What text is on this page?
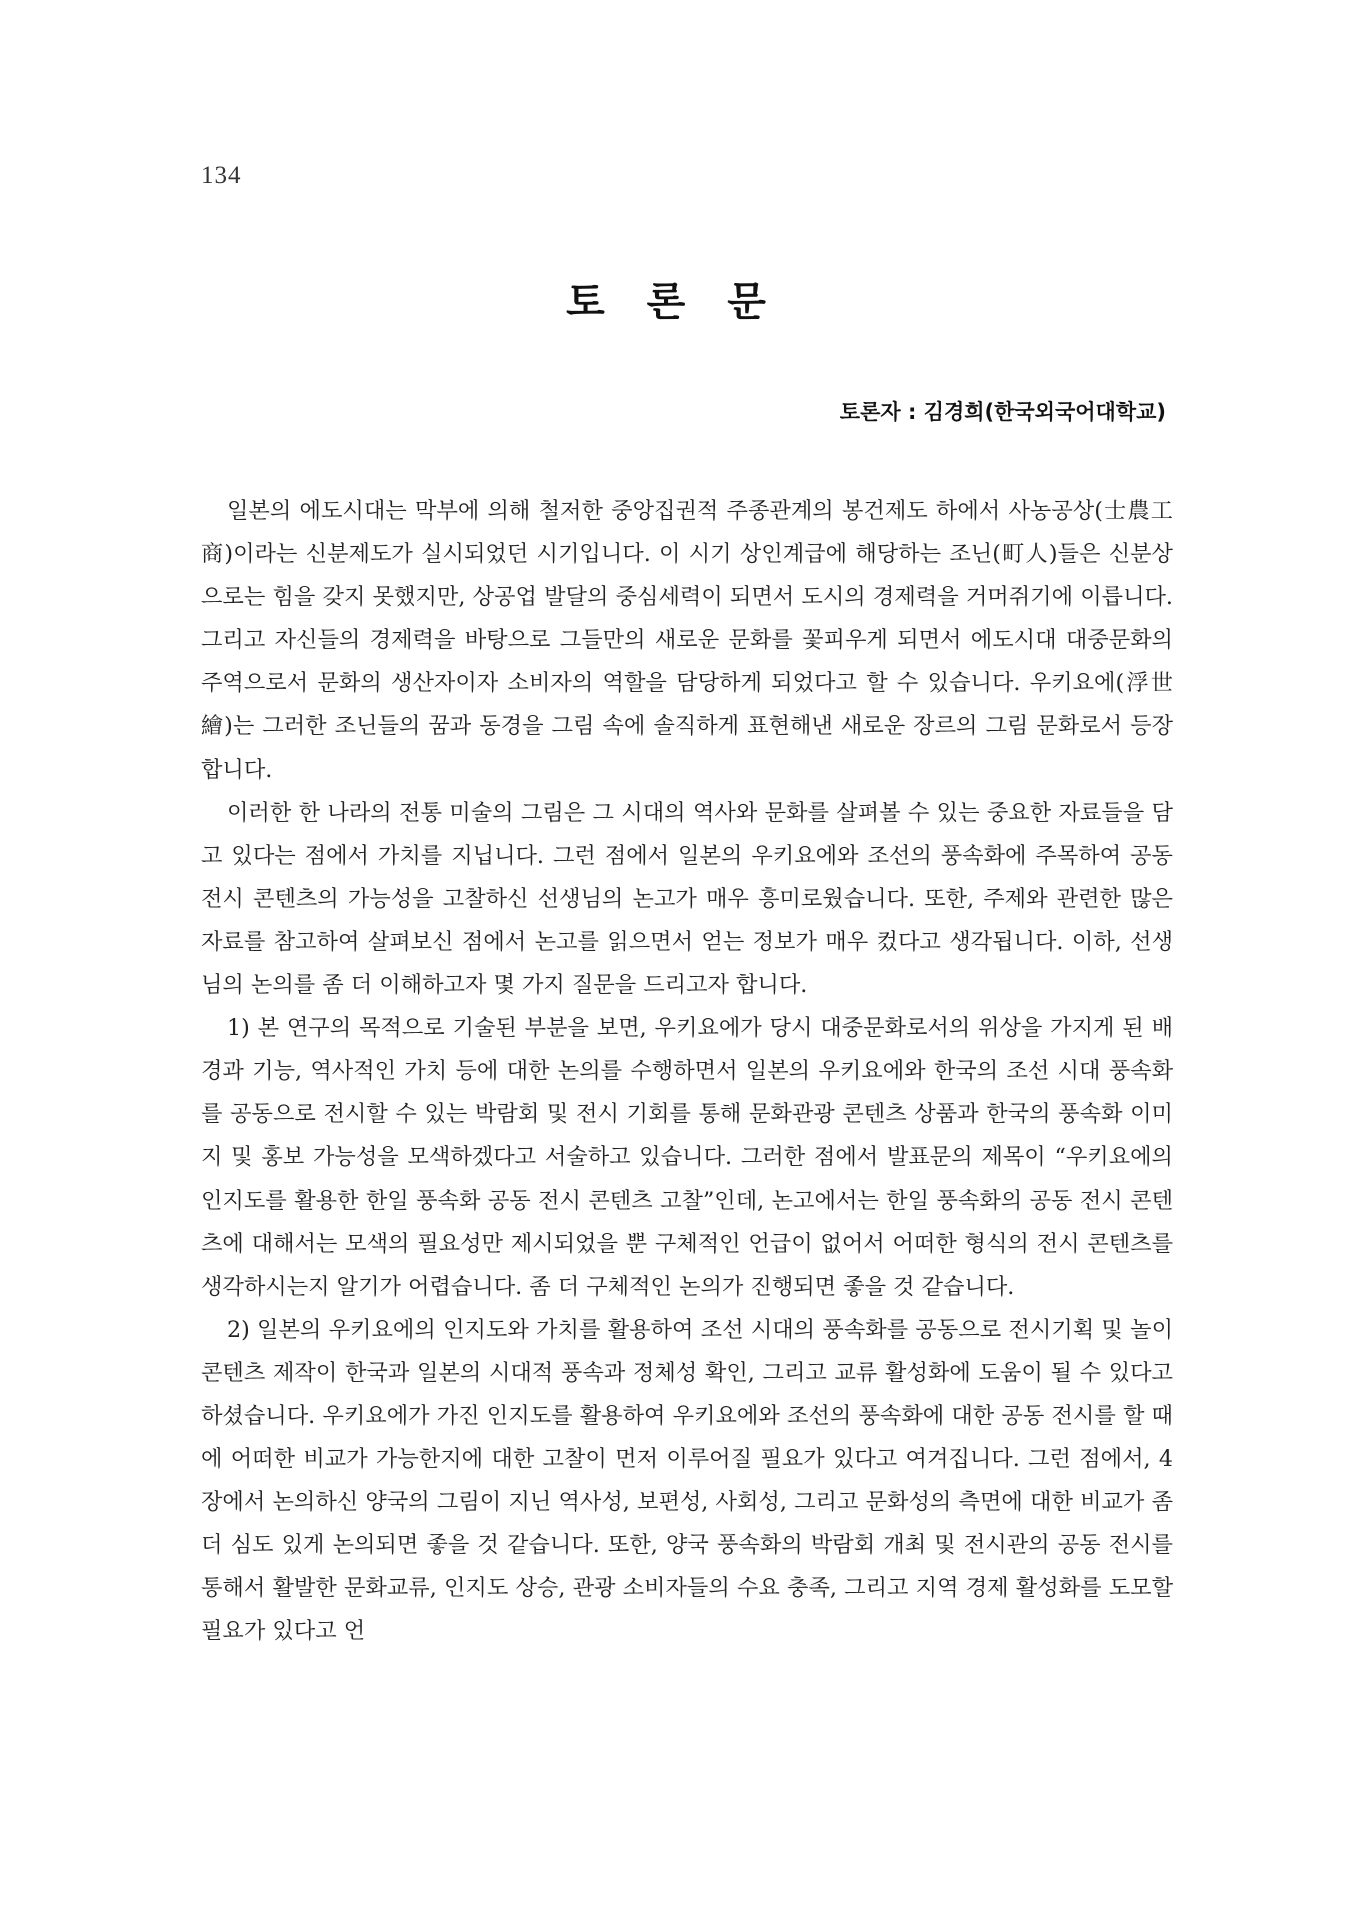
134
토 론 문
토론자 : 김경희(한국외국어대학교)

일본의 에도시대는 막부에 의해 철저한 중앙집권적 주종관계의 봉건제도 하에서 사농공상(士農工商)이라는 신분제도가 실시되었던 시기입니다. 이 시기 상인계급에 해당하는 조닌(町人)들은 신분상으로는 힘을 갖지 못했지만, 상공업 발달의 중심세력이 되면서 도시의 경제력을 거머쥐기에 이릅니다. 그리고 자신들의 경제력을 바탕으로 그들만의 새로운 문화를 꽃피우게 되면서 에도시대 대중문화의 주역으로서 문화의 생산자이자 소비자의 역할을 담당하게 되었다고 할 수 있습니다. 우키요에(浮世繪)는 그러한 조닌들의 꿈과 동경을 그림 속에 솔직하게 표현해낸 새로운 장르의 그림 문화로서 등장합니다.

이러한 한 나라의 전통 미술의 그림은 그 시대의 역사와 문화를 살펴볼 수 있는 중요한 자료들을 담고 있다는 점에서 가치를 지닙니다. 그런 점에서 일본의 우키요에와 조선의 풍속화에 주목하여 공동 전시 콘텐츠의 가능성을 고찰하신 선생님의 논고가 매우 흥미로웠습니다. 또한, 주제와 관련한 많은 자료를 참고하여 살펴보신 점에서 논고를 읽으면서 얻는 정보가 매우 컸다고 생각됩니다. 이하, 선생님의 논의를 좀 더 이해하고자 몇 가지 질문을 드리고자 합니다.

1) 본 연구의 목적으로 기술된 부분을 보면, 우키요에가 당시 대중문화로서의 위상을 가지게 된 배경과 기능, 역사적인 가치 등에 대한 논의를 수행하면서 일본의 우키요에와 한국의 조선 시대 풍속화를 공동으로 전시할 수 있는 박람회 및 전시 기회를 통해 문화관광 콘텐츠 상품과 한국의 풍속화 이미지 및 홍보 가능성을 모색하겠다고 서술하고 있습니다. 그러한 점에서 발표문의 제목이 “우키요에의 인지도를 활용한 한일 풍속화 공동 전시 콘텐츠 고찰”인데, 논고에서는 한일 풍속화의 공동 전시 콘텐츠에 대해서는 모색의 필요성만 제시되었을 뿐 구체적인 언급이 없어서 어떠한 형식의 전시 콘텐츠를 생각하시는지 알기가 어렵습니다. 좀 더 구체적인 논의가 진행되면 좋을 것 같습니다.

2) 일본의 우키요에의 인지도와 가치를 활용하여 조선 시대의 풍속화를 공동으로 전시기획 및 놀이 콘텐츠 제작이 한국과 일본의 시대적 풍속과 정체성 확인, 그리고 교류 활성화에 도움이 될 수 있다고 하셨습니다. 우키요에가 가진 인지도를 활용하여 우키요에와 조선의 풍속화에 대한 공동 전시를 할 때에 어떠한 비교가 가능한지에 대한 고찰이 먼저 이루어질 필요가 있다고 여겨집니다. 그런 점에서, 4장에서 논의하신 양국의 그림이 지닌 역사성, 보편성, 사회성, 그리고 문화성의 측면에 대한 비교가 좀 더 심도 있게 논의되면 좋을 것 같습니다. 또한, 양국 풍속화의 박람회 개최 및 전시관의 공동 전시를 통해서 활발한 문화교류, 인지도 상승, 관광 소비자들의 수요 충족, 그리고 지역 경제 활성화를 도모할 필요가 있다고 언
